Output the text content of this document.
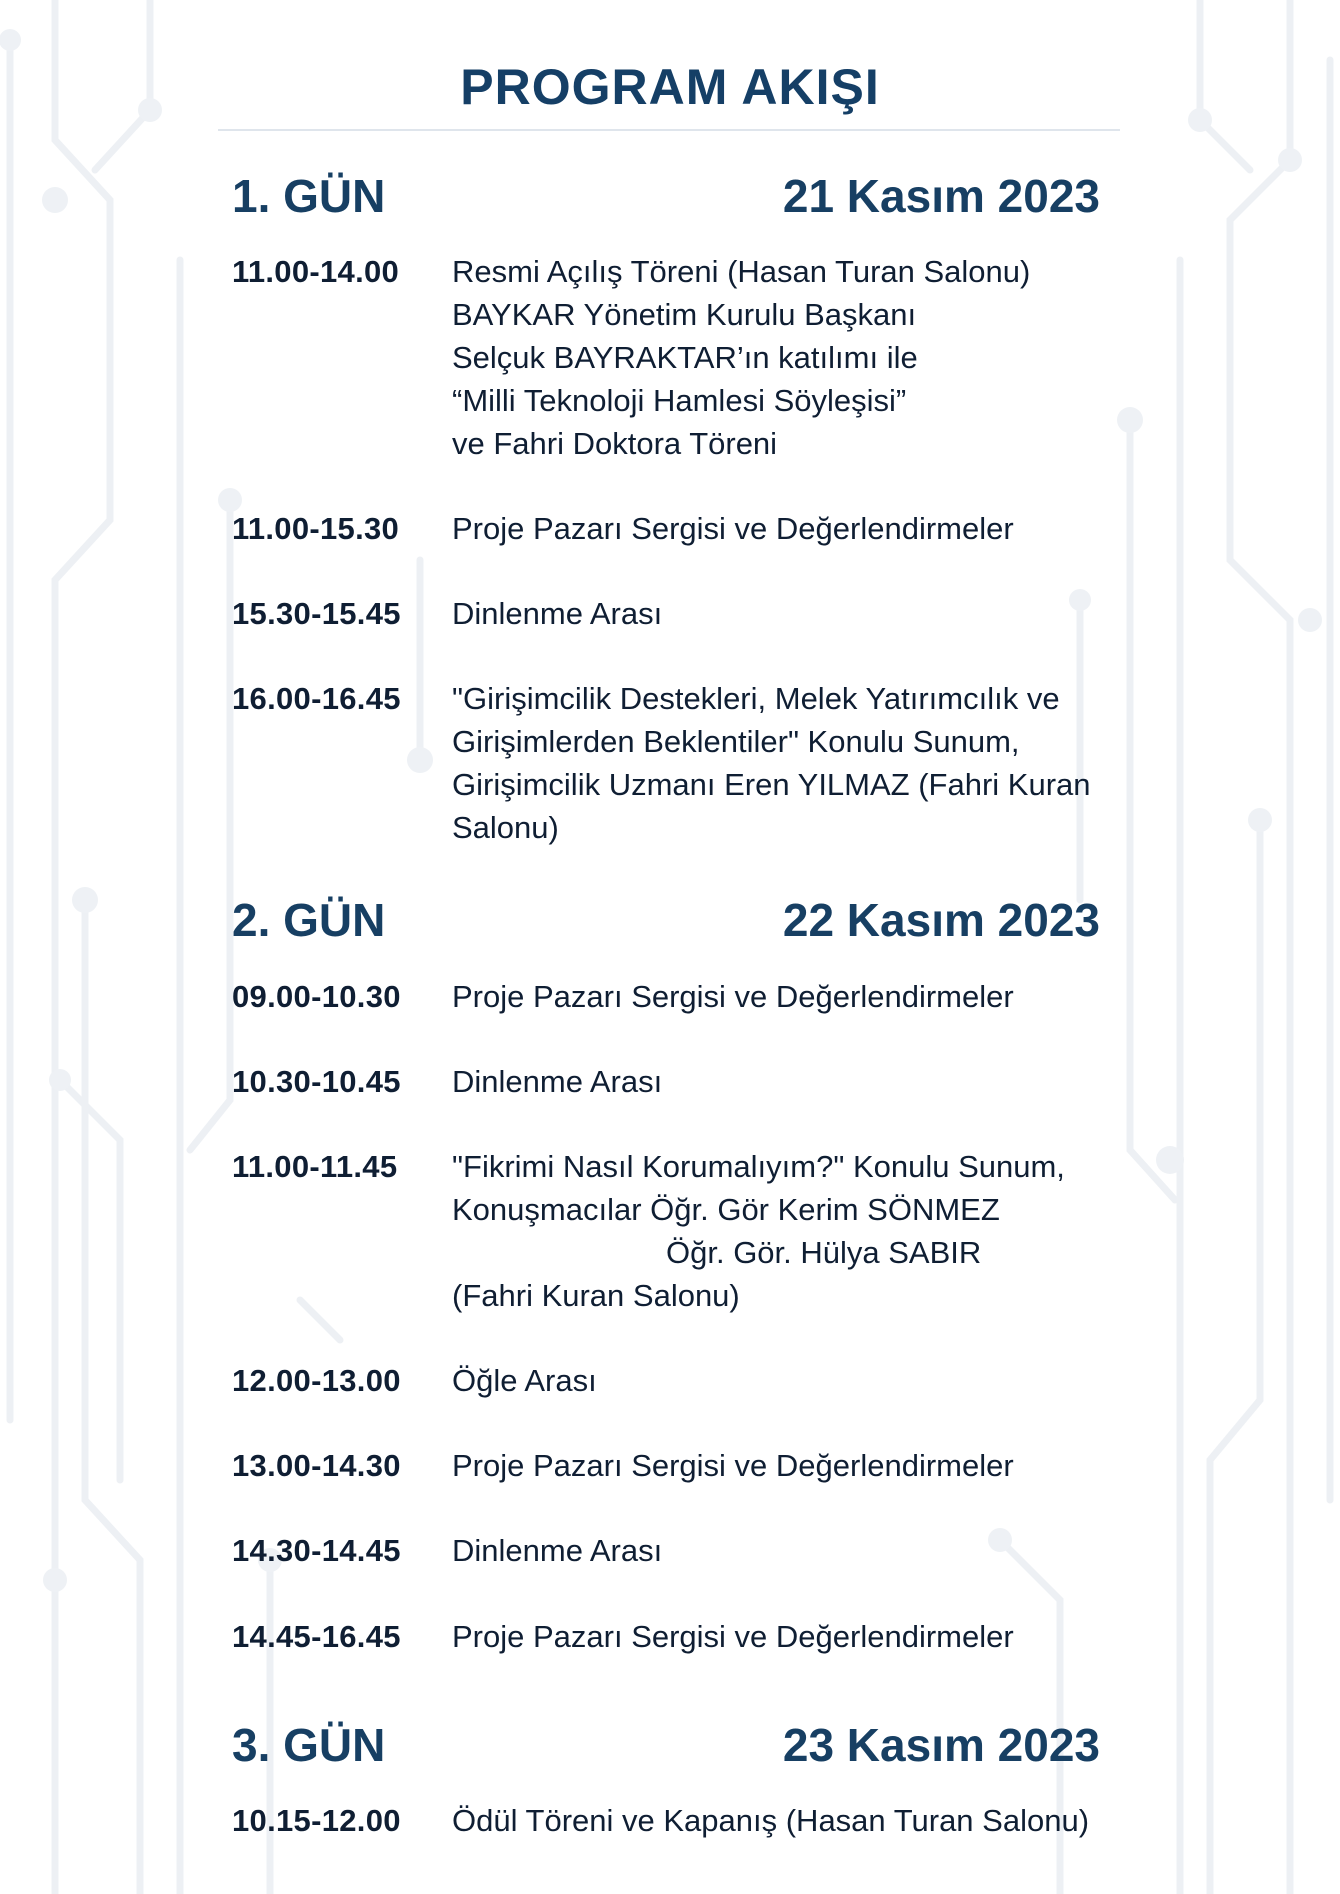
PROGRAM AKIŞI
1. GÜN	21 Kasım 2023
11.00-14.00	Resmi Açılış Töreni (Hasan Turan Salonu)
BAYKAR Yönetim Kurulu Başkanı
Selçuk BAYRAKTAR’ın katılımı ile
“Milli Teknoloji Hamlesi Söyleşisi”
ve Fahri Doktora Töreni
11.00-15.30	Proje Pazarı Sergisi ve Değerlendirmeler
15.30-15.45	Dinlenme Arası
16.00-16.45	"Girişimcilik Destekleri, Melek Yatırımcılık ve
Girişimlerden Beklentiler" Konulu Sunum,
Girişimcilik Uzmanı Eren YILMAZ (Fahri Kuran
Salonu)
2. GÜN	22 Kasım 2023
09.00-10.30	Proje Pazarı Sergisi ve Değerlendirmeler
10.30-10.45	Dinlenme Arası
11.00-11.45	"Fikrimi Nasıl Korumalıyım?" Konulu Sunum,
Konuşmacılar Öğr. Gör Kerim SÖNMEZ
Öğr. Gör. Hülya SABIR
(Fahri Kuran Salonu)
12.00-13.00	Öğle Arası
13.00-14.30	Proje Pazarı Sergisi ve Değerlendirmeler
14.30-14.45	Dinlenme Arası
14.45-16.45	Proje Pazarı Sergisi ve Değerlendirmeler
3. GÜN	23 Kasım 2023
10.15-12.00	Ödül Töreni ve Kapanış (Hasan Turan Salonu)
